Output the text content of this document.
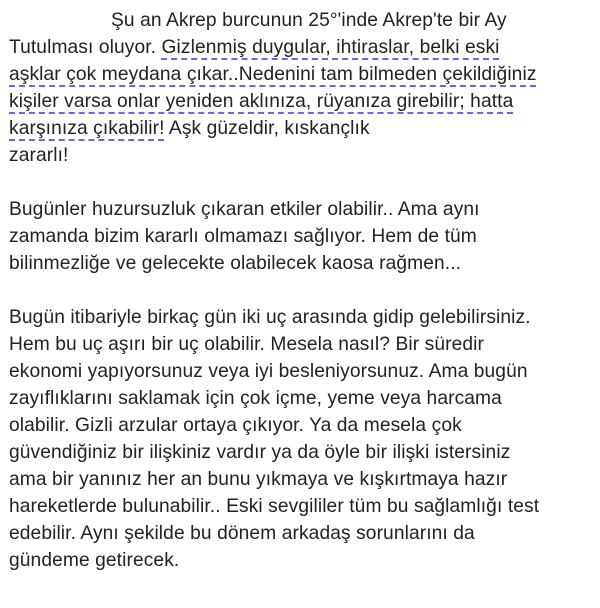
Şu an Akrep burcunun 25°'inde Akrep'te bir Ay
Tutulması oluyor. Gizlenmiş duygular, ihtiraslar, belki eski
aşklar çok meydana çıkar..Nedenini tam bilmeden çekildiğiniz
kişiler varsa onlar yeniden aklınıza, rüyanıza girebilir; hatta
karşınıza çıkabilir! Aşk güzeldir, kıskançlık
zararlı!
Bugünler huzursuzluk çıkaran etkiler olabilir.. Ama aynı
zamanda bizim kararlı olmamazı sağlıyor. Hem de tüm
bilinmezliğe ve gelecekte olabilecek kaosa rağmen...
Bugün itibariyle birkaç gün iki uç arasında gidip gelebilirsiniz.
Hem bu uç aşırı bir uç olabilir. Mesela nasıl? Bir süredir
ekonomi yapıyorsunuz veya iyi besleniyorsunuz. Ama bugün
zayıflıklarını saklamak için çok içme, yeme veya harcama
olabilir. Gizli arzular ortaya çıkıyor. Ya da mesela çok
güvendiğiniz bir ilişkiniz vardır ya da öyle bir ilişki istersiniz
ama bir yanınız her an bunu yıkmaya ve kışkırtmaya hazır
hareketlerde bulunabilir.. Eski sevgililer tüm bu sağlamlığı test
edebilir. Aynı şekilde bu dönem arkadaş sorunlarını da
gündeme getirecek.
